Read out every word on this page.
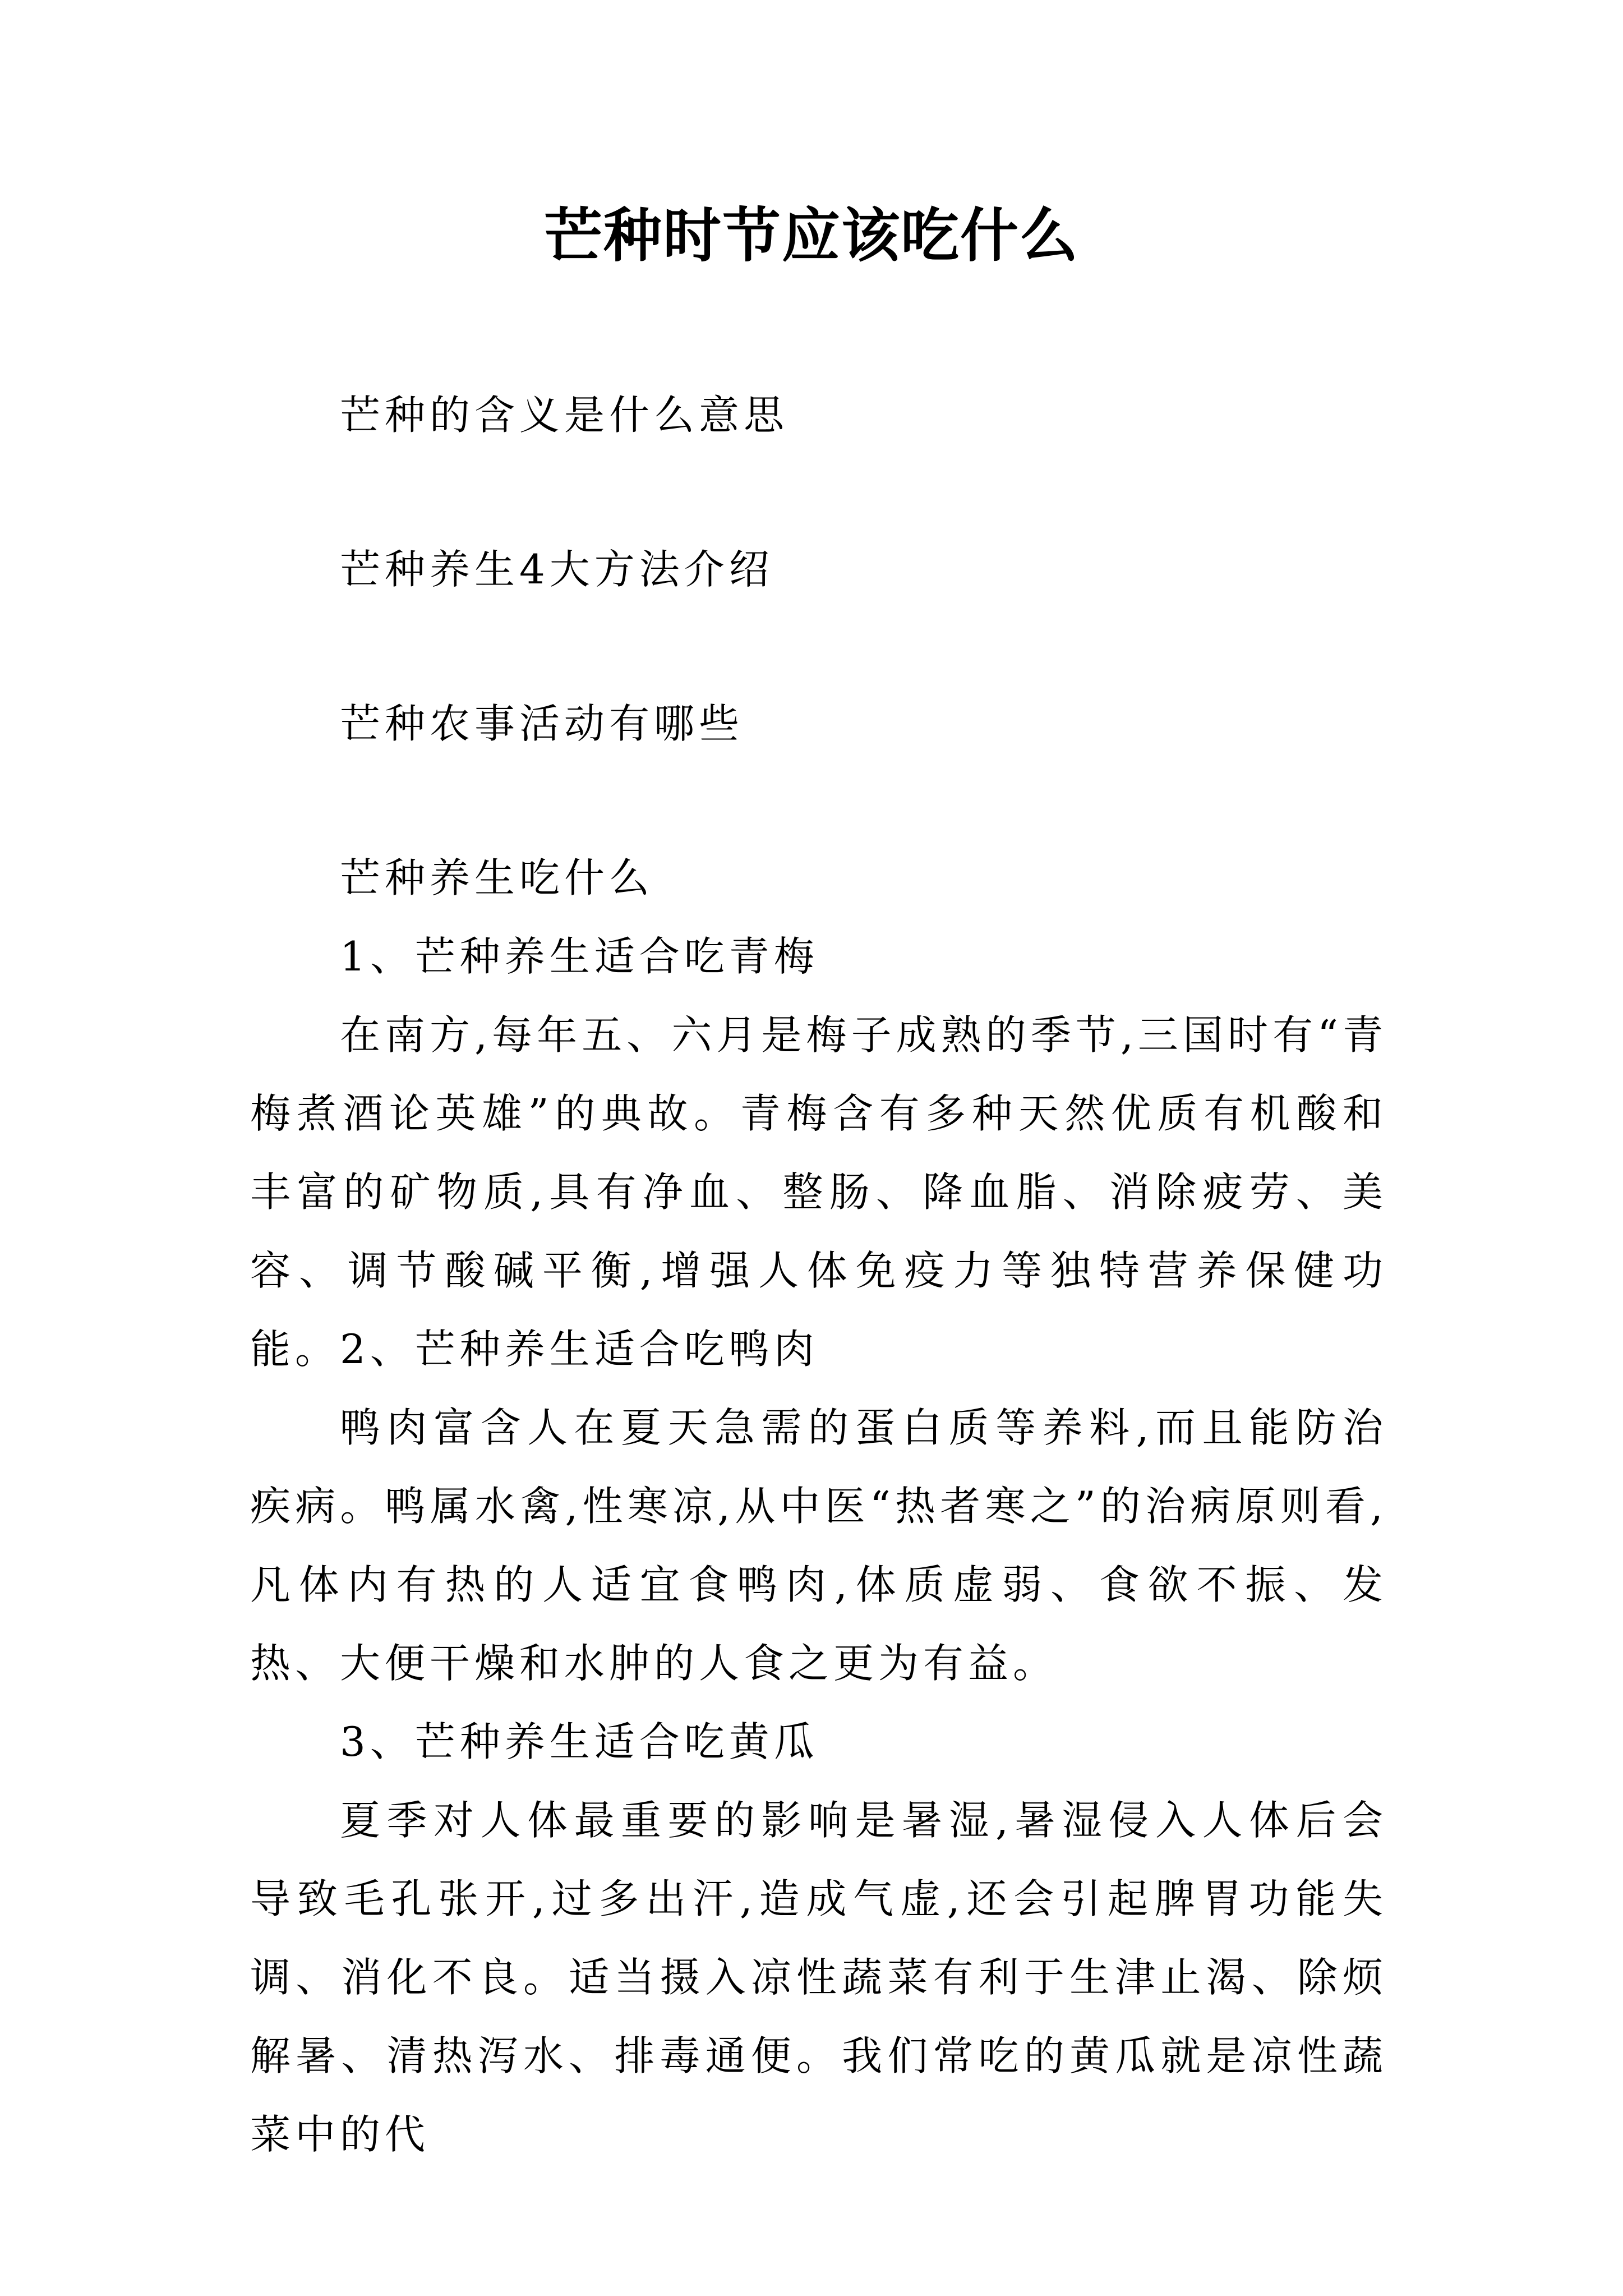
芒种时节应该吃什么
芒种的含义是什么意思
芒种养生4大方法介绍
芒种农事活动有哪些
芒种养生吃什么
1、芒种养生适合吃青梅

在南方,每年五、六月是梅子成熟的季节,三国时有“青梅煮酒论英雄”的典故。青梅含有多种天然优质有机酸和丰富的矿物质,具有净血、整肠、降血脂、消除疲劳、美容、调节酸碱平衡,增强人体免疫力等独特营养保健功能。 2、芒种养生适合吃鸭肉

鸭肉富含人在夏天急需的蛋白质等养料,而且能防治疾病。鸭属水禽,性寒凉,从中医“热者寒之”的治病原则看,凡体内有热的人适宜食鸭肉,体质虚弱、食欲不振、发热、大便干燥和水肿的人食之更为有益。

3、芒种养生适合吃黄瓜

夏季对人体最重要的影响是暑湿,暑湿侵入人体后会导致毛孔张开,过多出汗,造成气虚,还会引起脾胃功能失调、消化不良。适当摄入凉性蔬菜有利于生津止渴、除烦解暑、清热泻水、排毒通便。我们常吃的黄瓜就是凉性蔬菜中的代
